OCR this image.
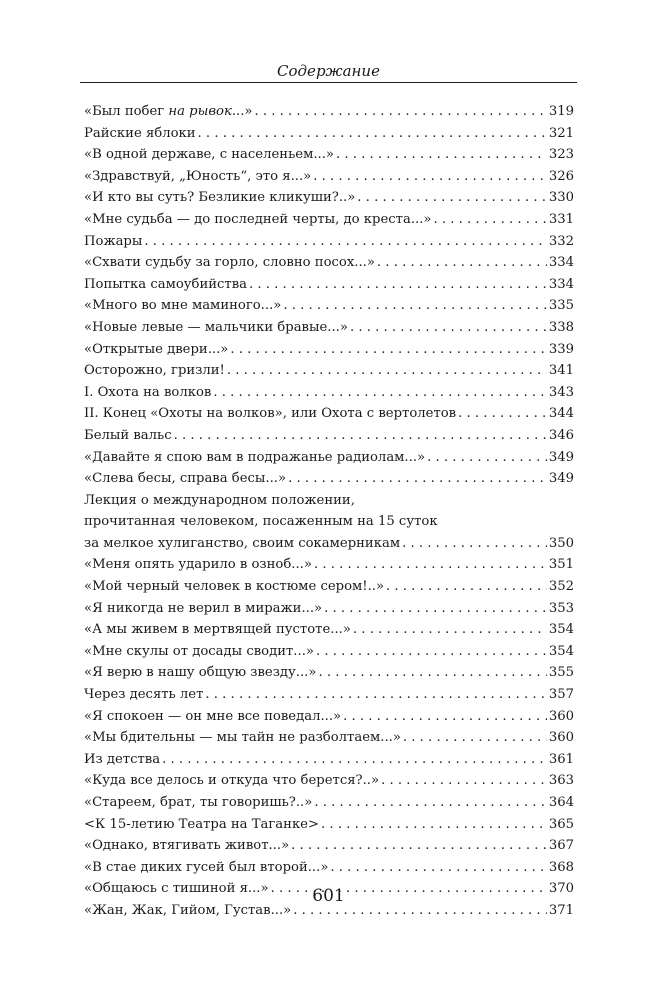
Содержание
«Был побег на рывок...» . . .	319
Райские яблоки . . .	321
«В одной державе, с населеньем...» . . .	323
«Здравствуй, „Юность“, это я...» . . .	326
«И кто вы суть? Безликие кликуши?..» . . .	330
«Мне судьба — до последней черты, до креста...» . . .	331
Пожары . . .	332
«Схвати судьбу за горло, словно посох...» . . .	334
Попытка самоубийства . . .	334
«Много во мне маминого...» . . .	335
«Новые левые — мальчики бравые...» . . .	338
«Открытые двери...» . . .	339
Осторожно, гризли! . . .	341
I. Охота на волков . . .	343
II. Конец «Охоты на волков», или Охота с вертолетов . . .	344
Белый вальс . . .	346
«Давайте я спою вам в подражанье радиолам...» . . .	349
«Слева бесы, справа бесы...» . . .	349
Лекция о международном положении,
прочитанная человеком, посаженным на 15 суток
за мелкое хулиганство, своим сокамерникам . . .	350
«Меня опять ударило в озноб...» . . .	351
«Мой черный человек в костюме сером!..» . . .	352
«Я никогда не верил в миражи...» . . .	353
«А мы живем в мертвящей пустоте...» . . .	354
«Мне скулы от досады сводит...» . . .	354
«Я верю в нашу общую звезду...» . . .	355
Через десять лет . . .	357
«Я спокоен — он мне все поведал...» . . .	360
«Мы бдительны — мы тайн не разболтаем...» . . .	360
Из детства . . .	361
«Куда все делось и откуда что берется?..» . . .	363
«Стареем, брат, ты говоришь?..» . . .	364
<К 15-летию Театра на Таганке> . . .	365
«Однако, втягивать живот...» . . .	367
«В стае диких гусей был второй...» . . .	368
«Общаюсь с тишиной я...» . . .	370
«Жан, Жак, Гийом, Густав...» . . .	371
601
